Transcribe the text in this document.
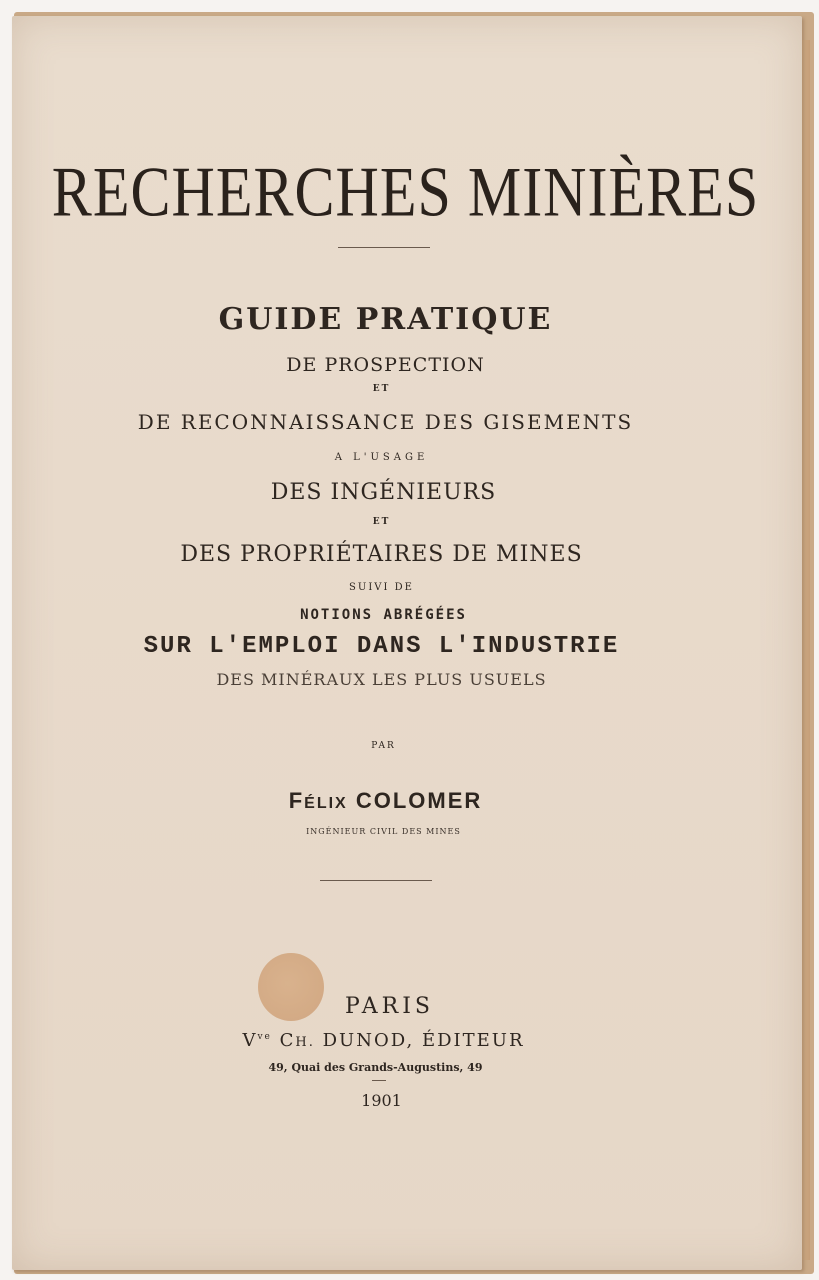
RECHERCHES MINIÈRES
GUIDE PRATIQUE
DE PROSPECTION
ET
DE RECONNAISSANCE DES GISEMENTS
A L'USAGE
DES INGÉNIEURS
ET
DES PROPRIÉTAIRES DE MINES
SUIVI DE
NOTIONS ABRÉGÉES
SUR L'EMPLOI DANS L'INDUSTRIE
DES MINÉRAUX LES PLUS USUELS
PAR
FÉLIX COLOMER
INGÉNIEUR CIVIL DES MINES
PARIS
$V^{ve}$ CH. DUNOD, ÉDITEUR
49, Quai des Grands-Augustins, 49
1901
